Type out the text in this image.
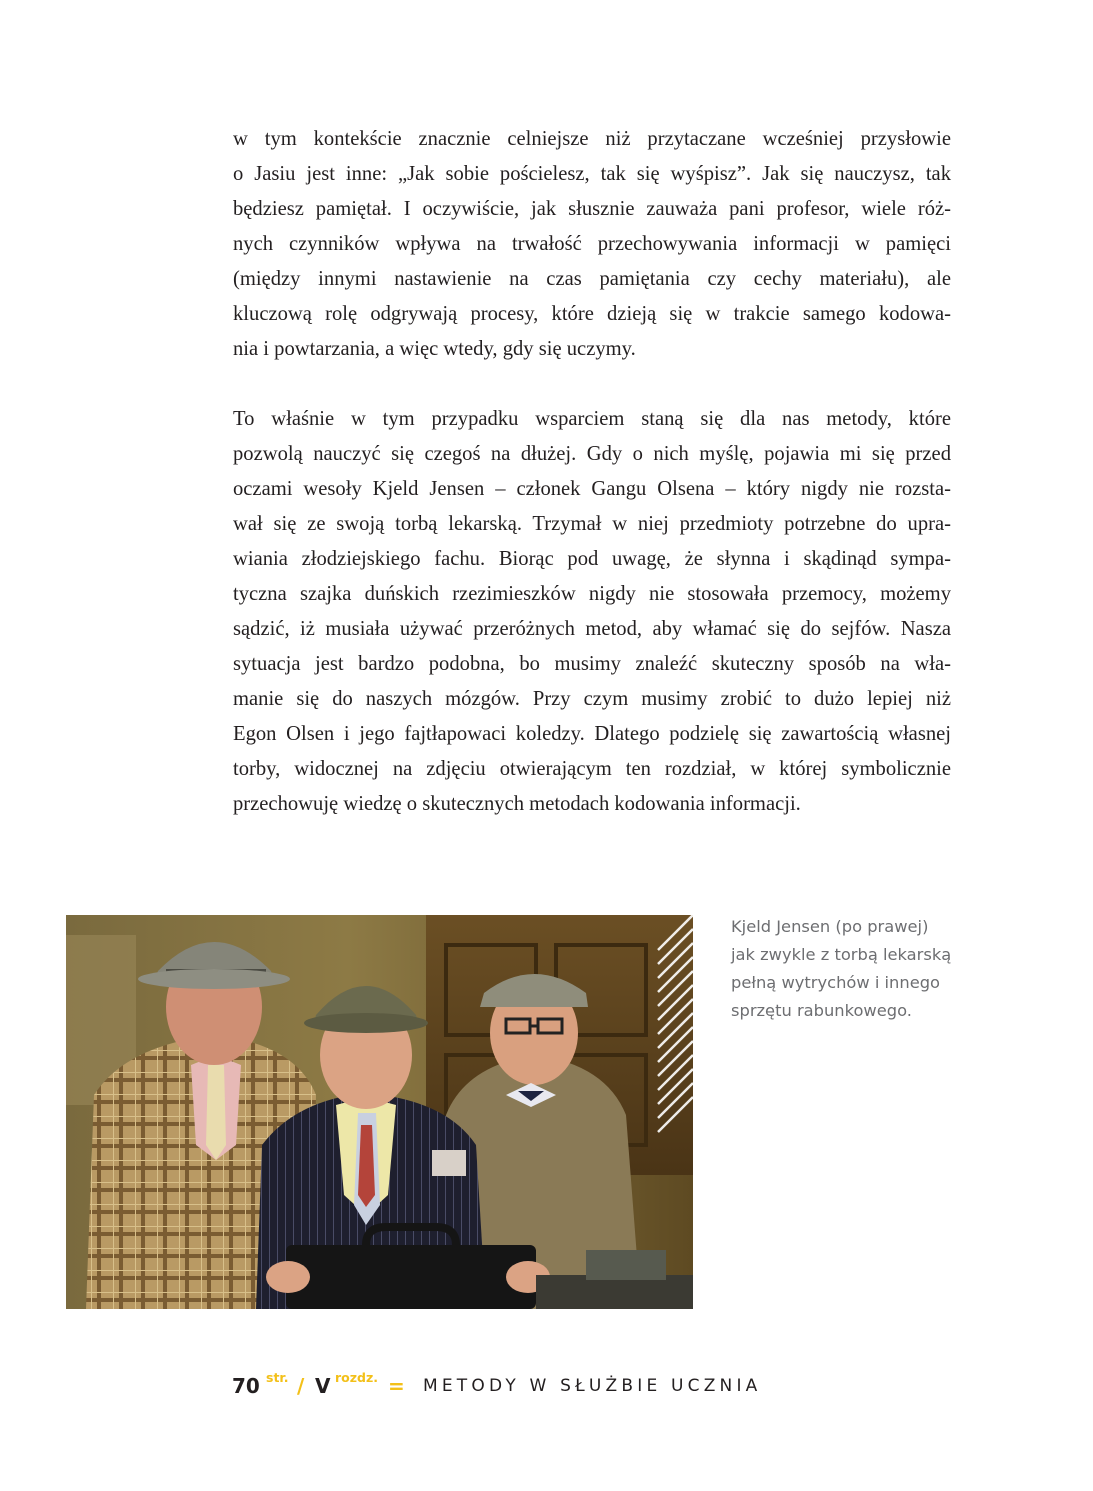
w tym kontekście znacznie celniejsze niż przytaczane wcześniej przysłowie
o Jasiu jest inne: „Jak sobie pościelesz, tak się wyśpisz”. Jak się nauczysz, tak
będziesz pamiętał. I oczywiście, jak słusznie zauważa pani profesor, wiele róż-
nych czynników wpływa na trwałość przechowywania informacji w pamięci
(między innymi nastawienie na czas pamiętania czy cechy materiału), ale
kluczową rolę odgrywają procesy, które dzieją się w trakcie samego kodowa-
nia i powtarzania, a więc wtedy, gdy się uczymy.
To właśnie w tym przypadku wsparciem staną się dla nas metody, które
pozwolą nauczyć się czegoś na dłużej. Gdy o nich myślę, pojawia mi się przed
oczami wesoły Kjeld Jensen – członek Gangu Olsena – który nigdy nie rozsta-
wał się ze swoją torbą lekarską. Trzymał w niej przedmioty potrzebne do upra-
wiania złodziejskiego fachu. Biorąc pod uwagę, że słynna i skądinąd sympa-
tyczna szajka duńskich rzezimieszków nigdy nie stosowała przemocy, możemy
sądzić, iż musiała używać przeróżnych metod, aby włamać się do sejfów. Nasza
sytuacja jest bardzo podobna, bo musimy znaleźć skuteczny sposób na wła-
manie się do naszych mózgów. Przy czym musimy zrobić to dużo lepiej niż
Egon Olsen i jego fajtłapowaci koledzy. Dlatego podzielę się zawartością własnej
torby, widocznej na zdjęciu otwierającym ten rozdział, w której symbolicznie
przechowuję wiedzę o skutecznych metodach kodowania informacji.
Kjeld Jensen (po prawej)
jak zwykle z torbą lekarską
pełną wytrychów i innego
sprzętu rabunkowego.
70 str. / V rozdz. = METODY W SŁUŻBIE UCZNIA
